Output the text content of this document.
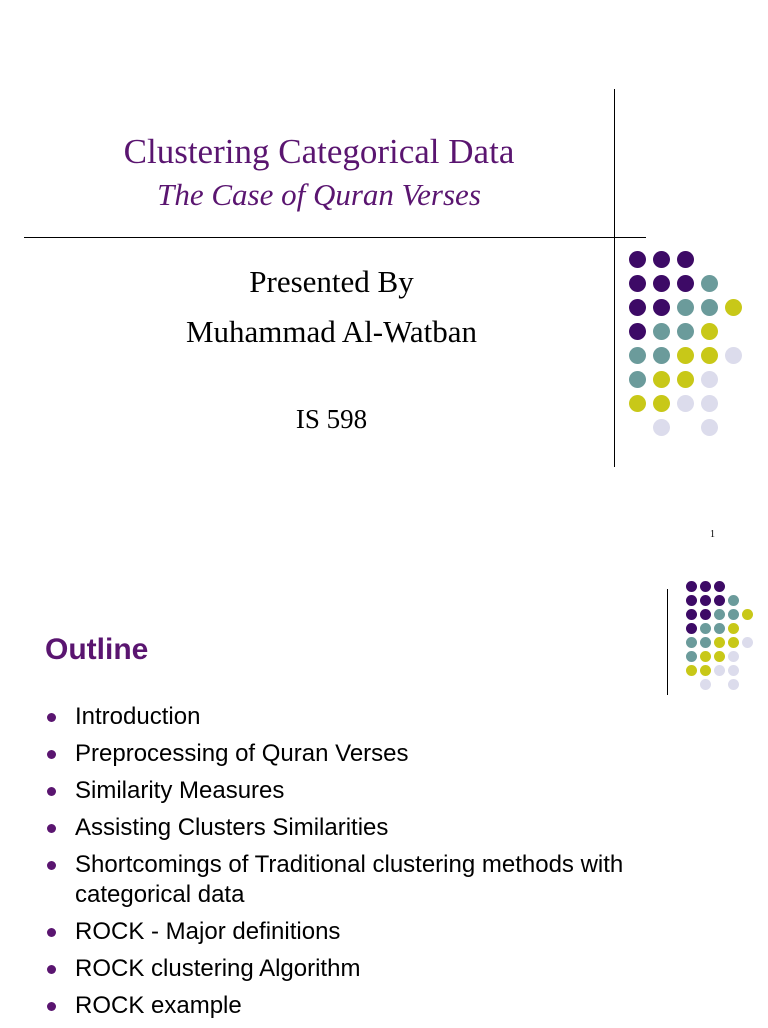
Clustering Categorical Data
The Case of Quran Verses
Presented By
Muhammad Al-Watban
IS 598
1
Outline
Introduction
Preprocessing of Quran Verses
Similarity Measures
Assisting Clusters Similarities
Shortcomings of Traditional clustering methods with categorical data
ROCK - Major definitions
ROCK clustering Algorithm
ROCK example
